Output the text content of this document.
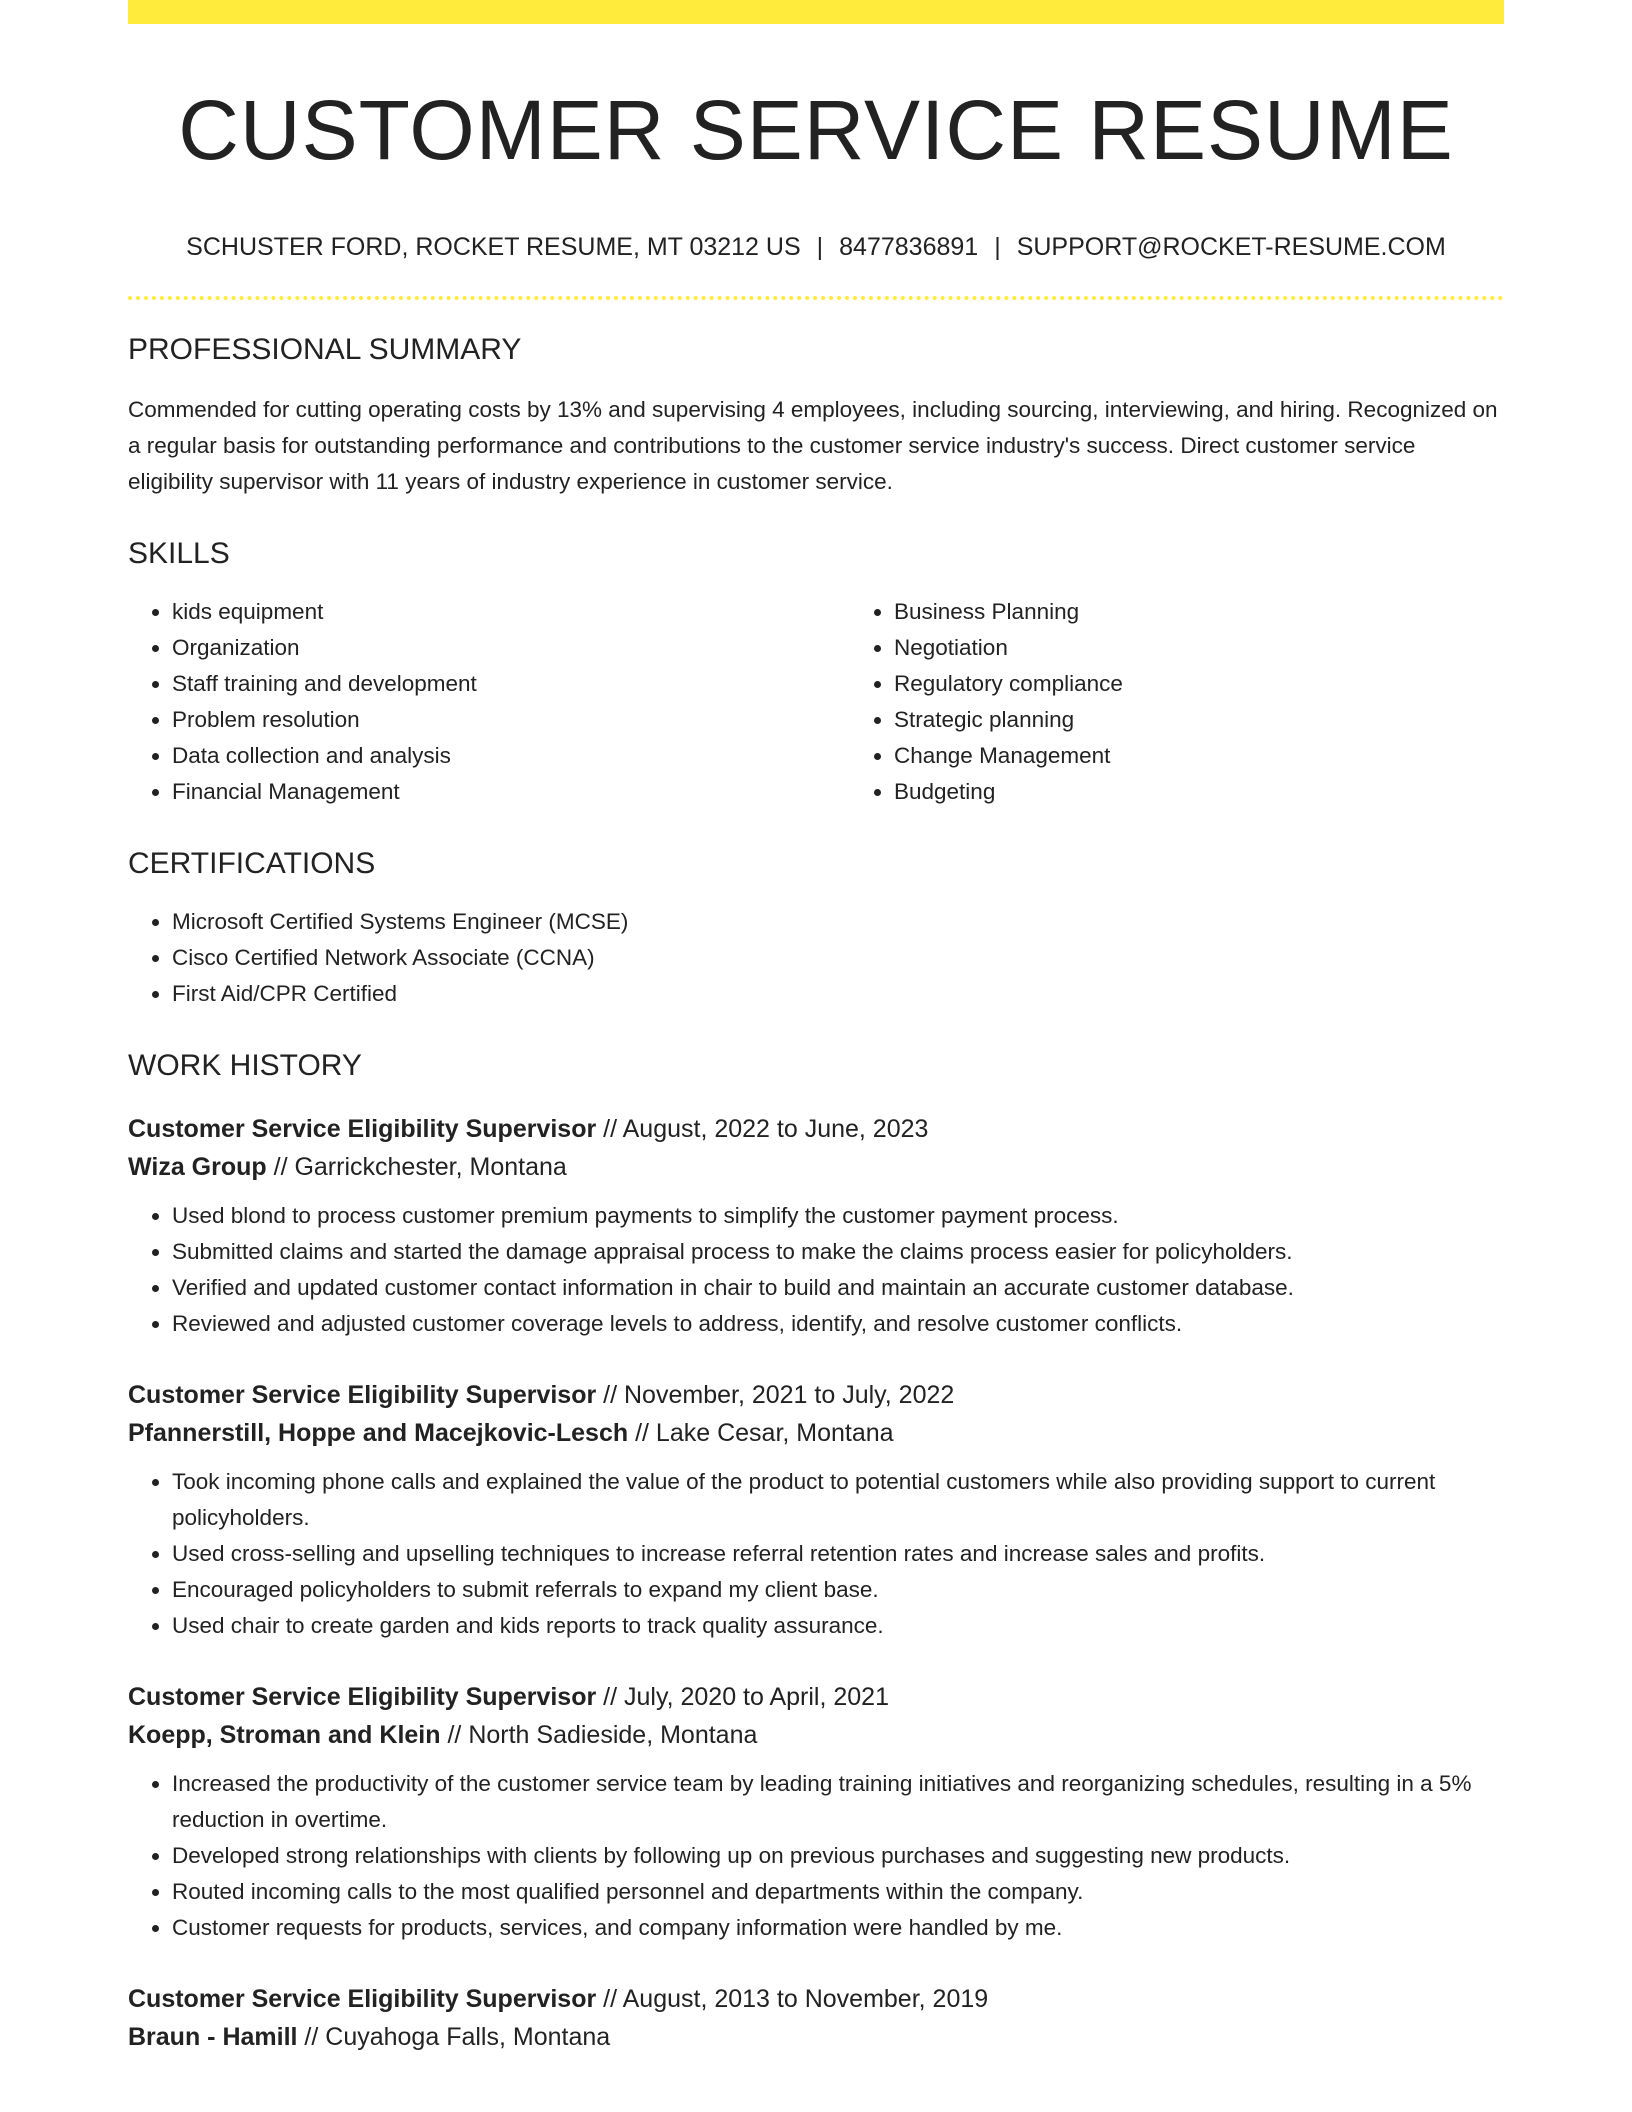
CUSTOMER SERVICE RESUME
SCHUSTER FORD, ROCKET RESUME, MT 03212 US | 8477836891 | SUPPORT@ROCKET-RESUME.COM
PROFESSIONAL SUMMARY

Commended for cutting operating costs by 13% and supervising 4 employees, including sourcing, interviewing, and hiring. Recognized on a regular basis for outstanding performance and contributions to the customer service industry's success. Direct customer service eligibility supervisor with 11 years of industry experience in customer service.

SKILLS
• kids equipment
• Organization
• Staff training and development
• Problem resolution
• Data collection and analysis
• Financial Management
• Business Planning
• Negotiation
• Regulatory compliance
• Strategic planning
• Change Management
• Budgeting
CERTIFICATIONS
• Microsoft Certified Systems Engineer (MCSE)
• Cisco Certified Network Associate (CCNA)
• First Aid/CPR Certified
WORK HISTORY
Customer Service Eligibility Supervisor // August, 2022 to June, 2023
Wiza Group // Garrickchester, Montana
• Used blond to process customer premium payments to simplify the customer payment process.
• Submitted claims and started the damage appraisal process to make the claims process easier for policyholders.
• Verified and updated customer contact information in chair to build and maintain an accurate customer database.
• Reviewed and adjusted customer coverage levels to address, identify, and resolve customer conflicts.
Customer Service Eligibility Supervisor // November, 2021 to July, 2022
Pfannerstill, Hoppe and Macejkovic-Lesch // Lake Cesar, Montana
• Took incoming phone calls and explained the value of the product to potential customers while also providing support to current policyholders.
• Used cross-selling and upselling techniques to increase referral retention rates and increase sales and profits.
• Encouraged policyholders to submit referrals to expand my client base.
• Used chair to create garden and kids reports to track quality assurance.
Customer Service Eligibility Supervisor // July, 2020 to April, 2021
Koepp, Stroman and Klein // North Sadieside, Montana
• Increased the productivity of the customer service team by leading training initiatives and reorganizing schedules, resulting in a 5% reduction in overtime.
• Developed strong relationships with clients by following up on previous purchases and suggesting new products.
• Routed incoming calls to the most qualified personnel and departments within the company.
• Customer requests for products, services, and company information were handled by me.
Customer Service Eligibility Supervisor // August, 2013 to November, 2019
Braun - Hamill // Cuyahoga Falls, Montana
